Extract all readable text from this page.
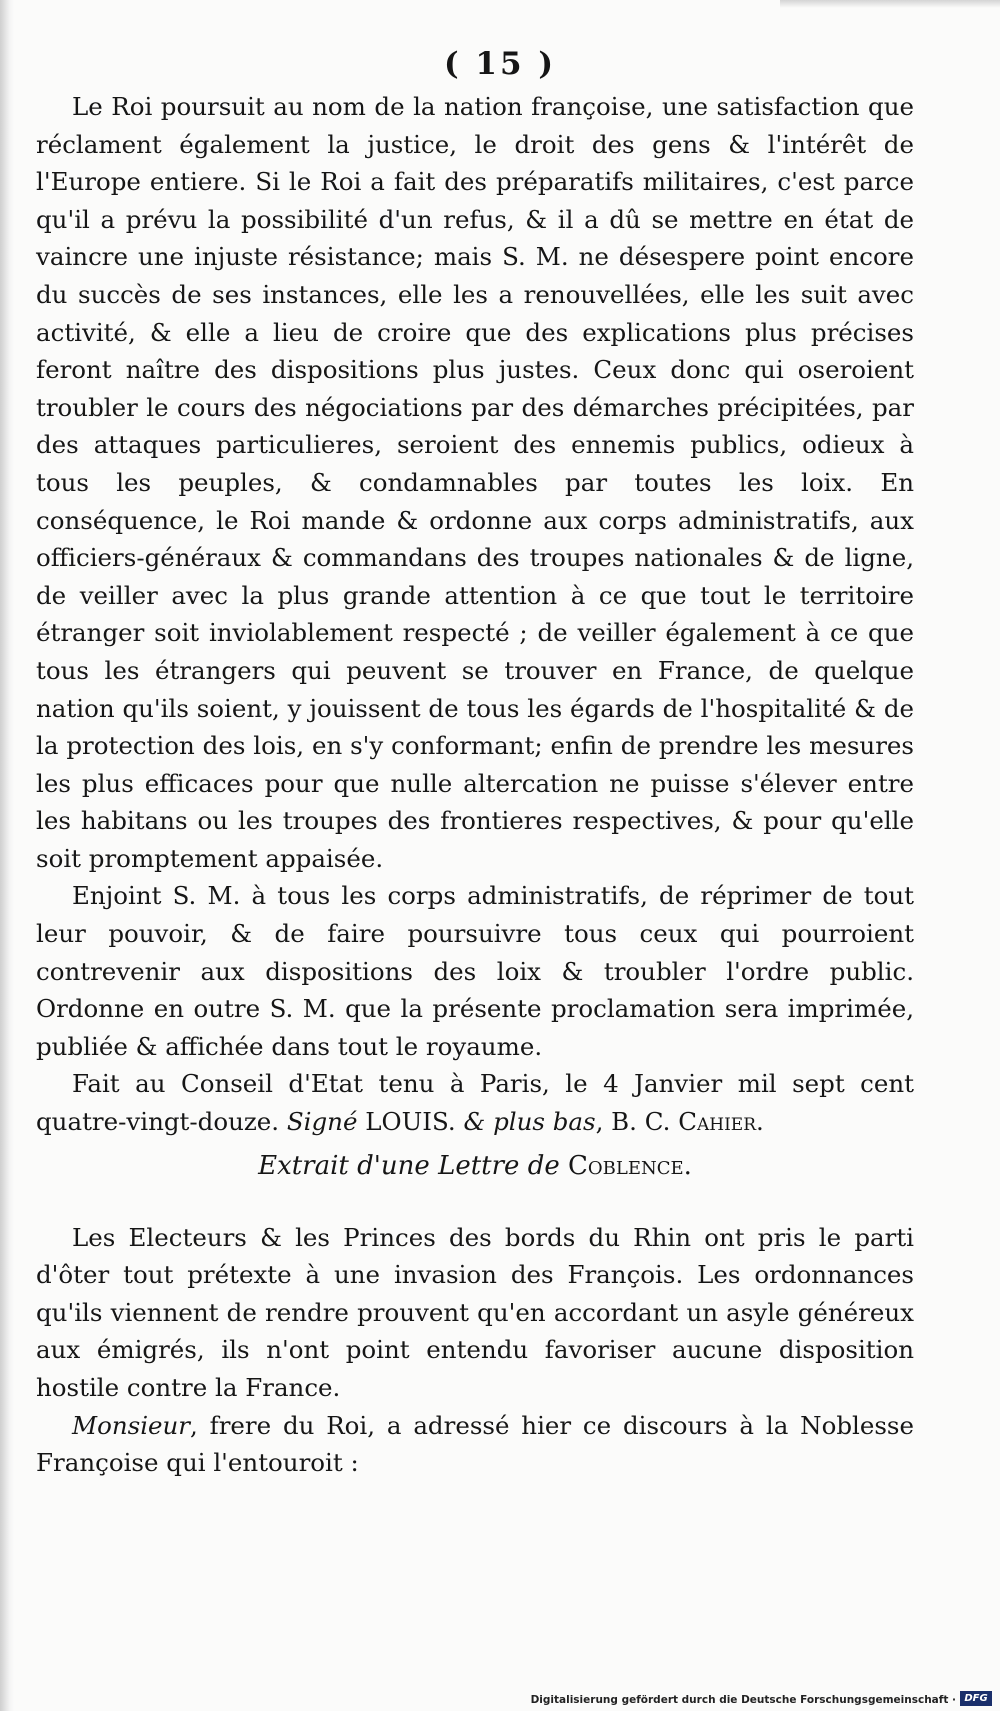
( 15 )

Le Roi poursuit au nom de la nation françoise, une satisfaction que réclament également la justice, le droit des gens & l'intérêt de l'Europe entiere. Si le Roi a fait des préparatifs militaires, c'est parce qu'il a prévu la possibilité d'un refus, & il a dû se mettre en état de vaincre une injuste résistance; mais S. M. ne désespere point encore du succès de ses instances, elle les a renouvellées, elle les suit avec activité, & elle a lieu de croire que des explications plus précises feront naître des dispositions plus justes. Ceux donc qui oseroient troubler le cours des négociations par des démarches précipitées, par des attaques particulieres, seroient des ennemis publics, odieux à tous les peuples, & condamnables par toutes les loix. En conséquence, le Roi mande & ordonne aux corps administratifs, aux officiers-généraux & commandans des troupes nationales & de ligne, de veiller avec la plus grande attention à ce que tout le territoire étranger soit inviolablement respecté ; de veiller également à ce que tous les étrangers qui peuvent se trouver en France, de quelque nation qu'ils soient, y jouissent de tous les égards de l'hospitalité & de la protection des lois, en s'y conformant; enfin de prendre les mesures les plus efficaces pour que nulle altercation ne puisse s'élever entre les habitans ou les troupes des frontieres respectives, & pour qu'elle soit promptement appaisée.

Enjoint S. M. à tous les corps administratifs, de réprimer de tout leur pouvoir, & de faire poursuivre tous ceux qui pourroient contrevenir aux dispositions des loix & troubler l'ordre public. Ordonne en outre S. M. que la présente proclamation sera imprimée, publiée & affichée dans tout le royaume.

Fait au Conseil d'Etat tenu à Paris, le 4 Janvier mil sept cent quatre-vingt-douze. Signé LOUIS. & plus bas, B. C. Cahier.

Extrait d'une Lettre de Coblence.

Les Electeurs & les Princes des bords du Rhin ont pris le parti d'ôter tout prétexte à une invasion des François. Les ordonnances qu'ils viennent de rendre prouvent qu'en accordant un asyle généreux aux émigrés, ils n'ont point entendu favoriser aucune disposition hostile contre la France.

Monsieur, frere du Roi, a adressé hier ce discours à la Noblesse Françoise qui l'entouroit :

Digitalisierung gefördert durch die Deutsche Forschungsgemeinschaft · DFG
